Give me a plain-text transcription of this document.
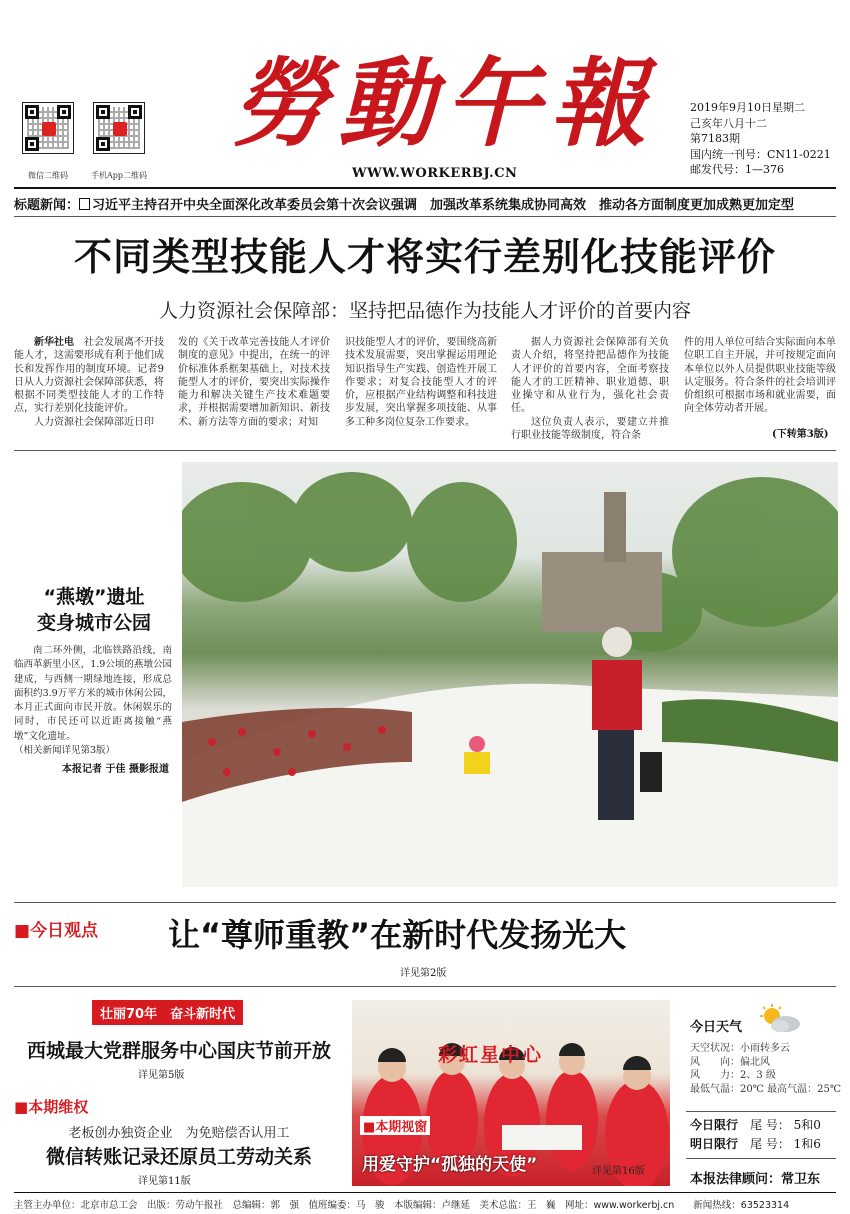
微信二维码	手机App二维码
勞動午報
WWW.WORKERBJ.CN
2019年9月10日星期二
己亥年八月十二
第7183期
国内统一刊号：CN11-0221
邮发代号：1—376
标题新闻： 习近平主持召开中央全面深化改革委员会第十次会议强调　加强改革系统集成协同高效　推动各方面制度更加成熟更加定型
不同类型技能人才将实行差别化技能评价
人力资源社会保障部：坚持把品德作为技能人才评价的首要内容

新华社电　 社会发展离不开技能人才，这需要形成有利于他们成长和发挥作用的制度环境。记者9日从人力资源社会保障部获悉，将根据不同类型技能人才的工作特点，实行差别化技能评价。

人力资源社会保障部近日印

发的《关于改革完善技能人才评价制度的意见》中提出，在统一的评价标准体系框架基础上，对技术技能型人才的评价，要突出实际操作能力和解决关键生产技术难题要求，并根据需要增加新知识、新技术、新方法等方面的要求；对知
识技能型人才的评价，要围绕高新技术发展需要，突出掌握运用理论知识指导生产实践、创造性开展工作要求；对复合技能型人才的评价，应根据产业结构调整和科技进步发展，突出掌握多项技能、从事多工种多岗位复杂工作要求。

据人力资源社会保障部有关负责人介绍，将坚持把品德作为技能人才评价的首要内容，全面考察技能人才的工匠精神、职业道德、职业操守和从业行为，强化社会责任。

这位负责人表示，要建立并推行职业技能等级制度，符合条

件的用人单位可结合实际面向本单位职工自主开展，并可按规定面向本单位以外人员提供职业技能等级认定服务。符合条件的社会培训评价组织可根据市场和就业需要，面向全体劳动者开展。
(下转第3版)
“燕墩”遗址
变身城市公园

南二环外侧，北临铁路沿线，南临西革新里小区，1.9公顷的燕墩公园建成，与西侧一期绿地连接，形成总面积约3.9万平方米的城市休闲公园，本月正式面向市民开放。休闲娱乐的同时，市民还可以近距离接触“燕墩”文化遗址。

（相关新闻详见第3版）
本报记者 于佳 摄影报道
■今日观点 让“尊师重教”在新时代发扬光大
详见第2版
壮丽70年　奋斗新时代
西城最大党群服务中心国庆节前开放
详见第5版
■本期维权
老板创办独资企业　为免赔偿否认用工
微信转账记录还原员工劳动关系
详见第11版
彩虹星中心
■本期视窗
用爱守护“孤独的天使”	详见第16版
今日天气
天空状况：小雨转多云
风　　向：偏北风
风　　力：2、3 级
最低气温：20℃ 最高气温：25℃
今日限行　 尾 号： 5和0
明日限行　 尾 号： 1和6
本报法律顾问：常卫东
主管主办单位：北京市总工会　出版：劳动午报社　总编辑：郭　强　值班编委：马　骏　本版编辑：卢继延　美术总监：王　巍　网址：www.workerbj.cn　　新闻热线：63523314
